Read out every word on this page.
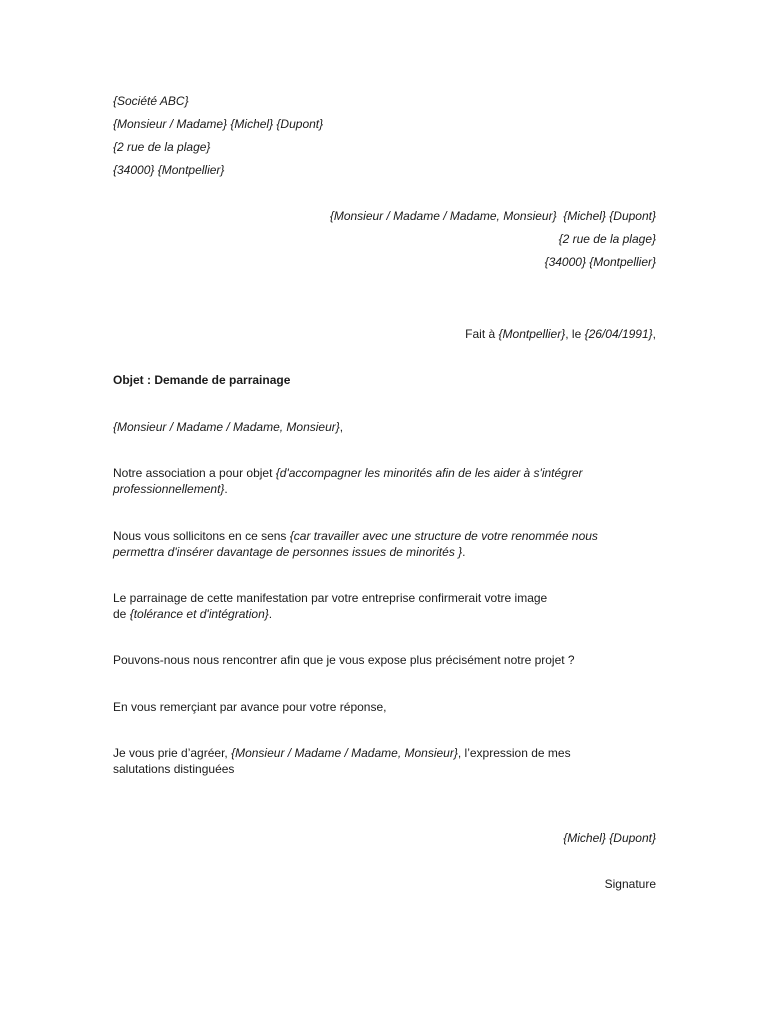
{Société ABC}
{Monsieur / Madame} {Michel} {Dupont}
{2 rue de la plage}
{34000} {Montpellier}
{Monsieur / Madame / Madame, Monsieur}  {Michel} {Dupont}
{2 rue de la plage}
{34000} {Montpellier}
Fait à {Montpellier}, le {26/04/1991},
Objet : Demande de parrainage
{Monsieur / Madame / Madame, Monsieur},
Notre association a pour objet {d'accompagner les minorités afin de les aider à s'intégrer professionnellement}.
Nous vous sollicitons en ce sens {car travailler avec une structure de votre renommée nous permettra d'insérer davantage de personnes issues de minorités }.
Le parrainage de cette manifestation par votre entreprise confirmerait votre image
de {tolérance et d'intégration}.
Pouvons-nous nous rencontrer afin que je vous expose plus précisément notre projet ?
En vous remerçiant par avance pour votre réponse,
Je vous prie d’agréer, {Monsieur / Madame / Madame, Monsieur}, l’expression de mes salutations distinguées
{Michel} {Dupont}
Signature
